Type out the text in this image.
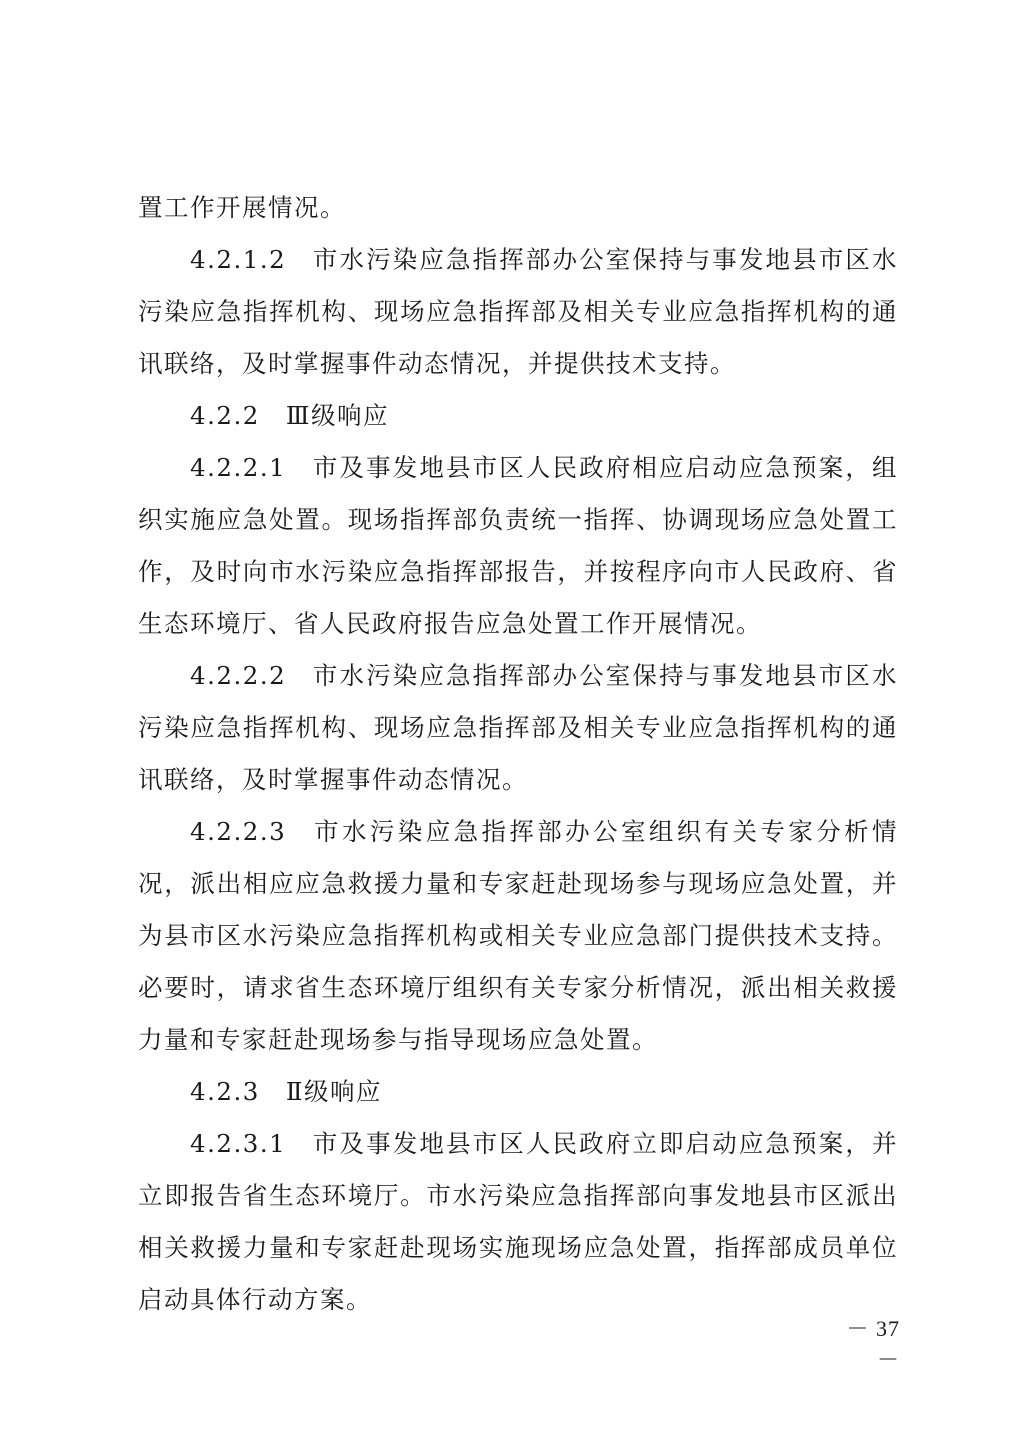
置工作开展情况。

4.2.1.2 市水污染应急指挥部办公室保持与事发地县市区水污染应急指挥机构、现场应急指挥部及相关专业应急指挥机构的通讯联络，及时掌握事件动态情况，并提供技术支持。

4.2.2 Ⅲ级响应

4.2.2.1 市及事发地县市区人民政府相应启动应急预案，组织实施应急处置。现场指挥部负责统一指挥、协调现场应急处置工作，及时向市水污染应急指挥部报告，并按程序向市人民政府、省生态环境厅、省人民政府报告应急处置工作开展情况。

4.2.2.2 市水污染应急指挥部办公室保持与事发地县市区水污染应急指挥机构、现场应急指挥部及相关专业应急指挥机构的通讯联络，及时掌握事件动态情况。

4.2.2.3 市水污染应急指挥部办公室组织有关专家分析情况，派出相应应急救援力量和专家赶赴现场参与现场应急处置，并为县市区水污染应急指挥机构或相关专业应急部门提供技术支持。必要时，请求省生态环境厅组织有关专家分析情况，派出相关救援力量和专家赶赴现场参与指导现场应急处置。

4.2.3 Ⅱ级响应

4.2.3.1 市及事发地县市区人民政府立即启动应急预案，并立即报告省生态环境厅。市水污染应急指挥部向事发地县市区派出相关救援力量和专家赶赴现场实施现场应急处置，指挥部成员单位启动具体行动方案。

－ 37 －
